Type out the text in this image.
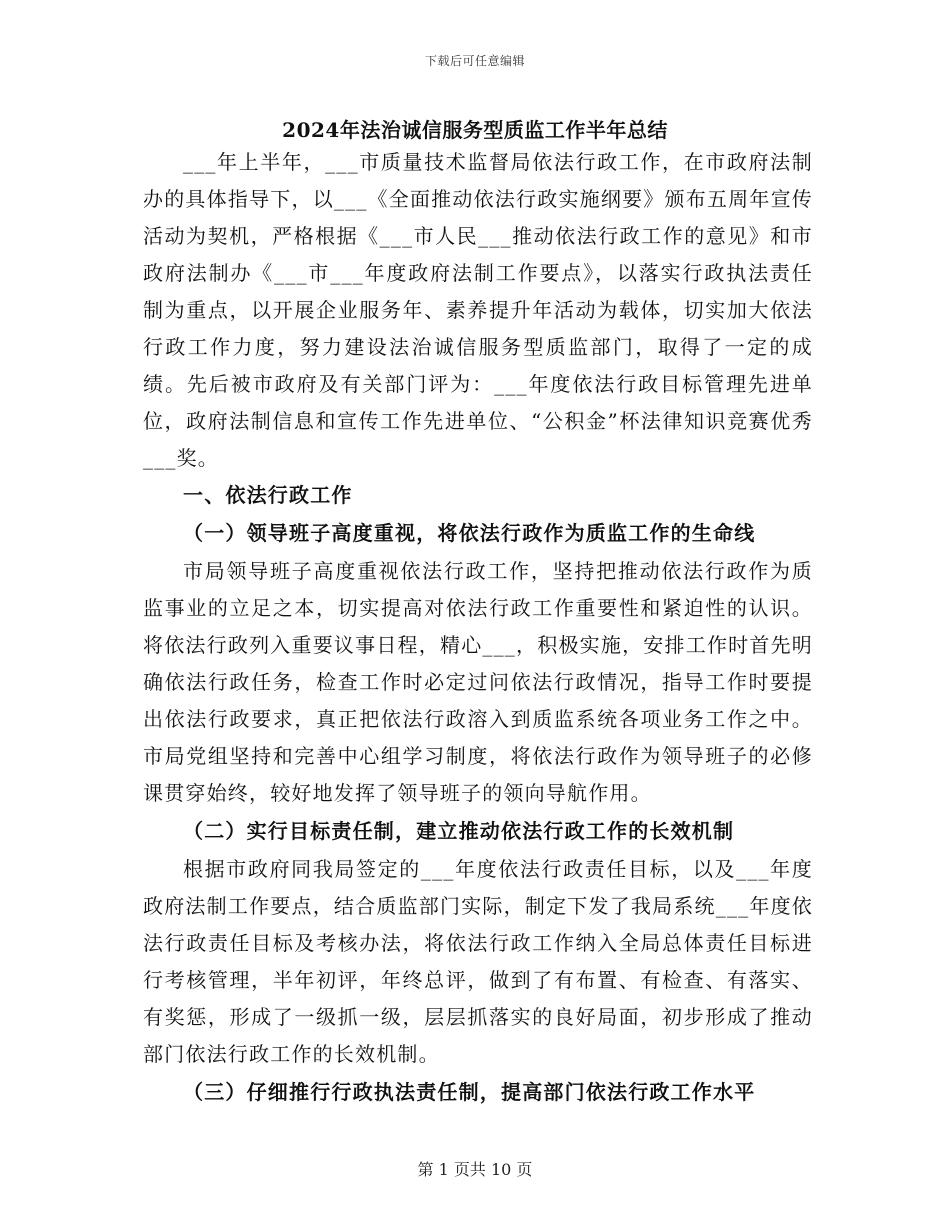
下载后可任意编辑
2024年法治诚信服务型质监工作半年总结

___年上半年，___市质量技术监督局依法行政工作，在市政府法制办的具体指导下，以___《全面推动依法行政实施纲要》颁布五周年宣传活动为契机，严格根据《___市人民___推动依法行政工作的意见》和市政府法制办《___市___年度政府法制工作要点》，以落实行政执法责任制为重点，以开展企业服务年、素养提升年活动为载体，切实加大依法行政工作力度，努力建设法治诚信服务型质监部门，取得了一定的成绩。先后被市政府及有关部门评为：___年度依法行政目标管理先进单位，政府法制信息和宣传工作先进单位、“公积金”杯法律知识竞赛优秀___奖。

一、依法行政工作

（一）领导班子高度重视，将依法行政作为质监工作的生命线

市局领导班子高度重视依法行政工作，坚持把推动依法行政作为质监事业的立足之本，切实提高对依法行政工作重要性和紧迫性的认识。将依法行政列入重要议事日程，精心___，积极实施，安排工作时首先明确依法行政任务，检查工作时必定过问依法行政情况，指导工作时要提出依法行政要求，真正把依法行政溶入到质监系统各项业务工作之中。市局党组坚持和完善中心组学习制度，将依法行政作为领导班子的必修课贯穿始终，较好地发挥了领导班子的领向导航作用。

（二）实行目标责任制，建立推动依法行政工作的长效机制

根据市政府同我局签定的___年度依法行政责任目标，以及___年度政府法制工作要点，结合质监部门实际，制定下发了我局系统___年度依法行政责任目标及考核办法，将依法行政工作纳入全局总体责任目标进行考核管理，半年初评，年终总评，做到了有布置、有检查、有落实、有奖惩，形成了一级抓一级，层层抓落实的良好局面，初步形成了推动部门依法行政工作的长效机制。

（三）仔细推行行政执法责任制，提高部门依法行政工作水平

第 1 页共 10 页
